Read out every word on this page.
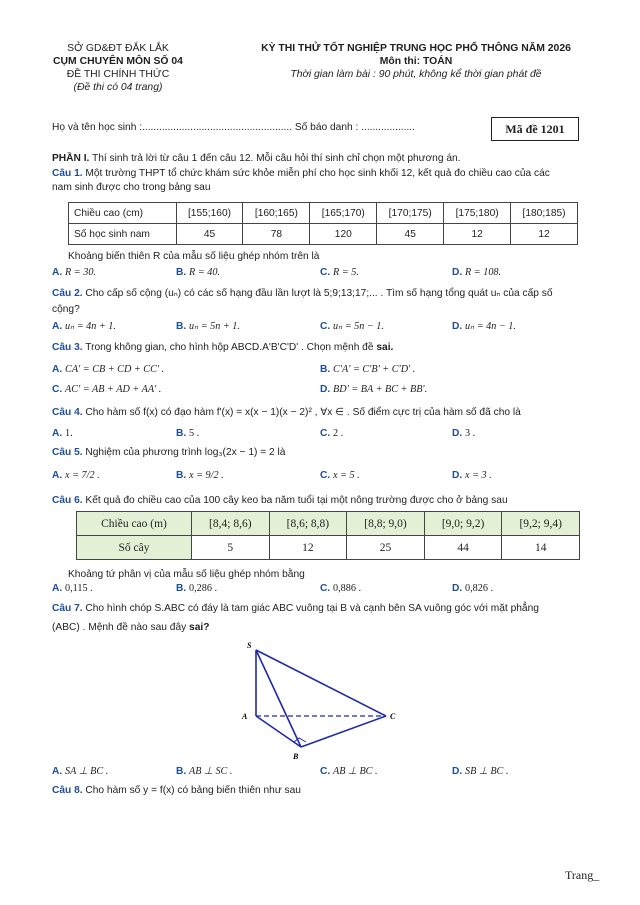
SỞ GD&ĐT ĐẮK LẮK
CỤM CHUYÊN MÔN SỐ 04
ĐỀ THI CHÍNH THỨC
(Đề thi có 04 trang)
KỲ THI THỬ TỐT NGHIỆP TRUNG HỌC PHỔ THÔNG NĂM 2026
Môn thi: TOÁN
Thời gian làm bài : 90 phút, không kể thời gian phát đề
Họ và tên học sinh :..................................................... Số báo danh : ...................	Mã đề 1201
PHẦN I. Thí sinh trả lời từ câu 1 đến câu 12. Mỗi câu hỏi thí sinh chỉ chọn một phương án.
Câu 1. Một trường THPT tổ chức khám sức khỏe miễn phí cho học sinh khối 12, kết quả đo chiều cao của các
nam sinh được cho trong bảng sau
Chiều cao (cm)	[155;160)	[160;165)	[165;170)	[170;175)	[175;180)	[180;185)
Số học sinh nam	45	78	120	45	12	12
Khoảng biến thiên R của mẫu số liệu ghép nhóm trên là
A. R = 30.	B. R = 40.	C. R = 5.	D. R = 108.
Câu 2. Cho cấp số cộng (uₙ) có các số hạng đầu lần lượt là 5;9;13;17;... . Tìm số hạng tổng quát uₙ của cấp số
cộng?
A. uₙ = 4n + 1.	B. uₙ = 5n + 1.	C. uₙ = 5n − 1.	D. uₙ = 4n − 1.
Câu 3. Trong không gian, cho hình hộp ABCD.A'B'C'D' . Chọn mệnh đề sai.
A. CA' = CB + CD + CC' .	B. C'A' = C'B' + C'D' .
C. AC' = AB + AD + AA' .	D. BD' = BA + BC + BB'.
Câu 4. Cho hàm số f(x) có đạo hàm f'(x) = x(x − 1)(x − 2)² , ∀x ∈ . Số điểm cực trị của hàm số đã cho là
A. 1.	B. 5 .	C. 2 .	D. 3 .
Câu 5. Nghiệm của phương trình log₃(2x − 1) = 2 là
A. x = 7/2 .	B. x = 9/2 .	C. x = 5 .	D. x = 3 .
Câu 6. Kết quả đo chiều cao của 100 cây keo ba năm tuổi tại một nông trường được cho ở bảng sau
Chiều cao (m)	[8,4; 8,6)	[8,6; 8,8)	[8,8; 9,0)	[9,0; 9,2)	[9,2; 9,4)
Số cây	5	12	25	44	14
Khoảng tứ phân vị của mẫu số liệu ghép nhóm bằng
A. 0,115 .	B. 0,286 .	C. 0,886 .	D. 0,826 .
Câu 7. Cho hình chóp S.ABC có đáy là tam giác ABC vuông tại B và cạnh bên SA vuông góc với mặt phẳng
(ABC) . Mệnh đề nào sau đây sai?
S
A	C
B
A. SA ⊥ BC .	B. AB ⊥ SC .	C. AB ⊥ BC .	D. SB ⊥ BC .
Câu 8. Cho hàm số y = f(x) có bảng biến thiên như sau
Trang_
